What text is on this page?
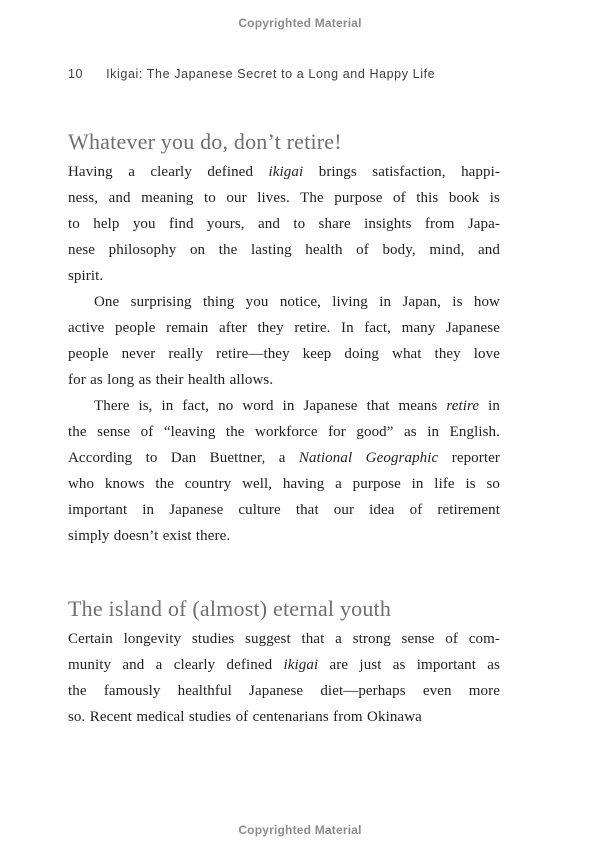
Copyrighted Material
10 Ikigai: The Japanese Secret to a Long and Happy Life
Whatever you do, don’t retire!
Having a clearly defined ikigai brings satisfaction, happi-
ness, and meaning to our lives. The purpose of this book is
to help you find yours, and to share insights from Japa-
nese philosophy on the lasting health of body, mind, and
spirit.
One surprising thing you notice, living in Japan, is how
active people remain after they retire. In fact, many Japanese
people never really retire—they keep doing what they love
for as long as their health allows.
There is, in fact, no word in Japanese that means retire in
the sense of “leaving the workforce for good” as in English.
According to Dan Buettner, a National Geographic reporter
who knows the country well, having a purpose in life is so
important in Japanese culture that our idea of retirement
simply doesn’t exist there.
The island of (almost) eternal youth
Certain longevity studies suggest that a strong sense of com-
munity and a clearly defined ikigai are just as important as
the famously healthful Japanese diet—perhaps even more
so. Recent medical studies of centenarians from Okinawa
Copyrighted Material
